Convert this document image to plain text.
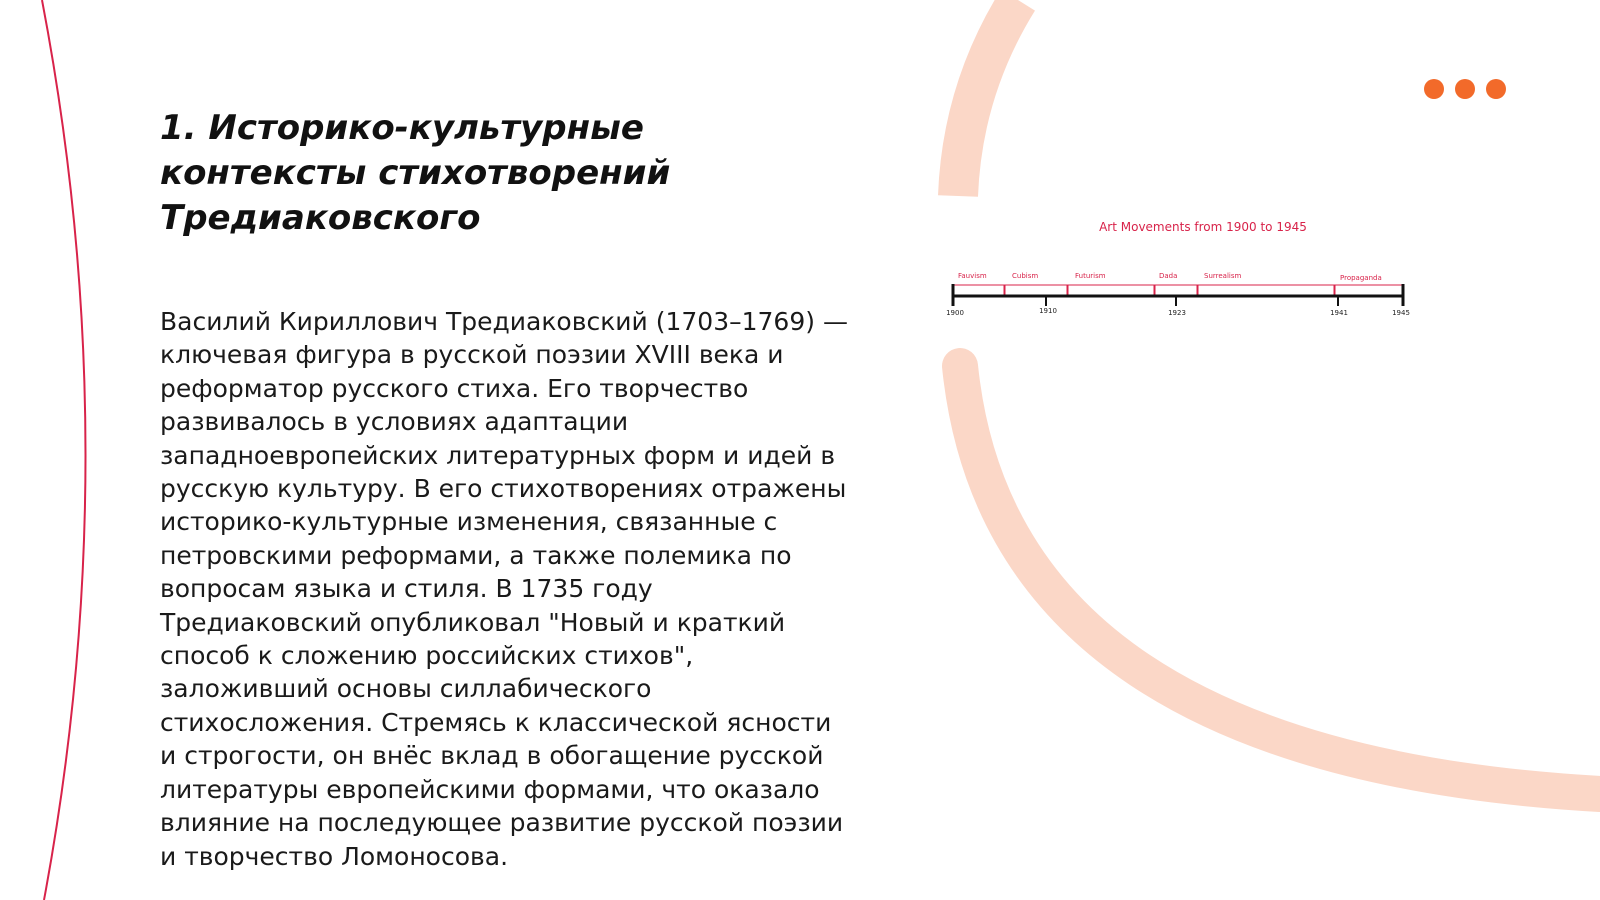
1. Историко-культурные контексты стихотворений Тредиаковского

Василий Кириллович Тредиаковский (1703–1769) — ключевая фигура в русской поэзии XVIII века и реформатор русского стиха. Его творчество развивалось в условиях адаптации западноевропейских литературных форм и идей в русскую культуру. В его стихотворениях отражены историко-культурные изменения, связанные с петровскими реформами, а также полемика по вопросам языка и стиля. В 1735 году Тредиаковский опубликовал "Новый и краткий способ к сложению российских стихов", заложивший основы силлабического стихосложения. Стремясь к классической ясности и строгости, он внёс вклад в обогащение русской литературы европейскими формами, что оказало влияние на последующее развитие русской поэзии и творчество Ломоносова.

Art Movements from 1900 to 1945
Fauvism	Cubism	Futurism	Dada	Surrealism	Propaganda
1900	1910	1923	1941	1945
